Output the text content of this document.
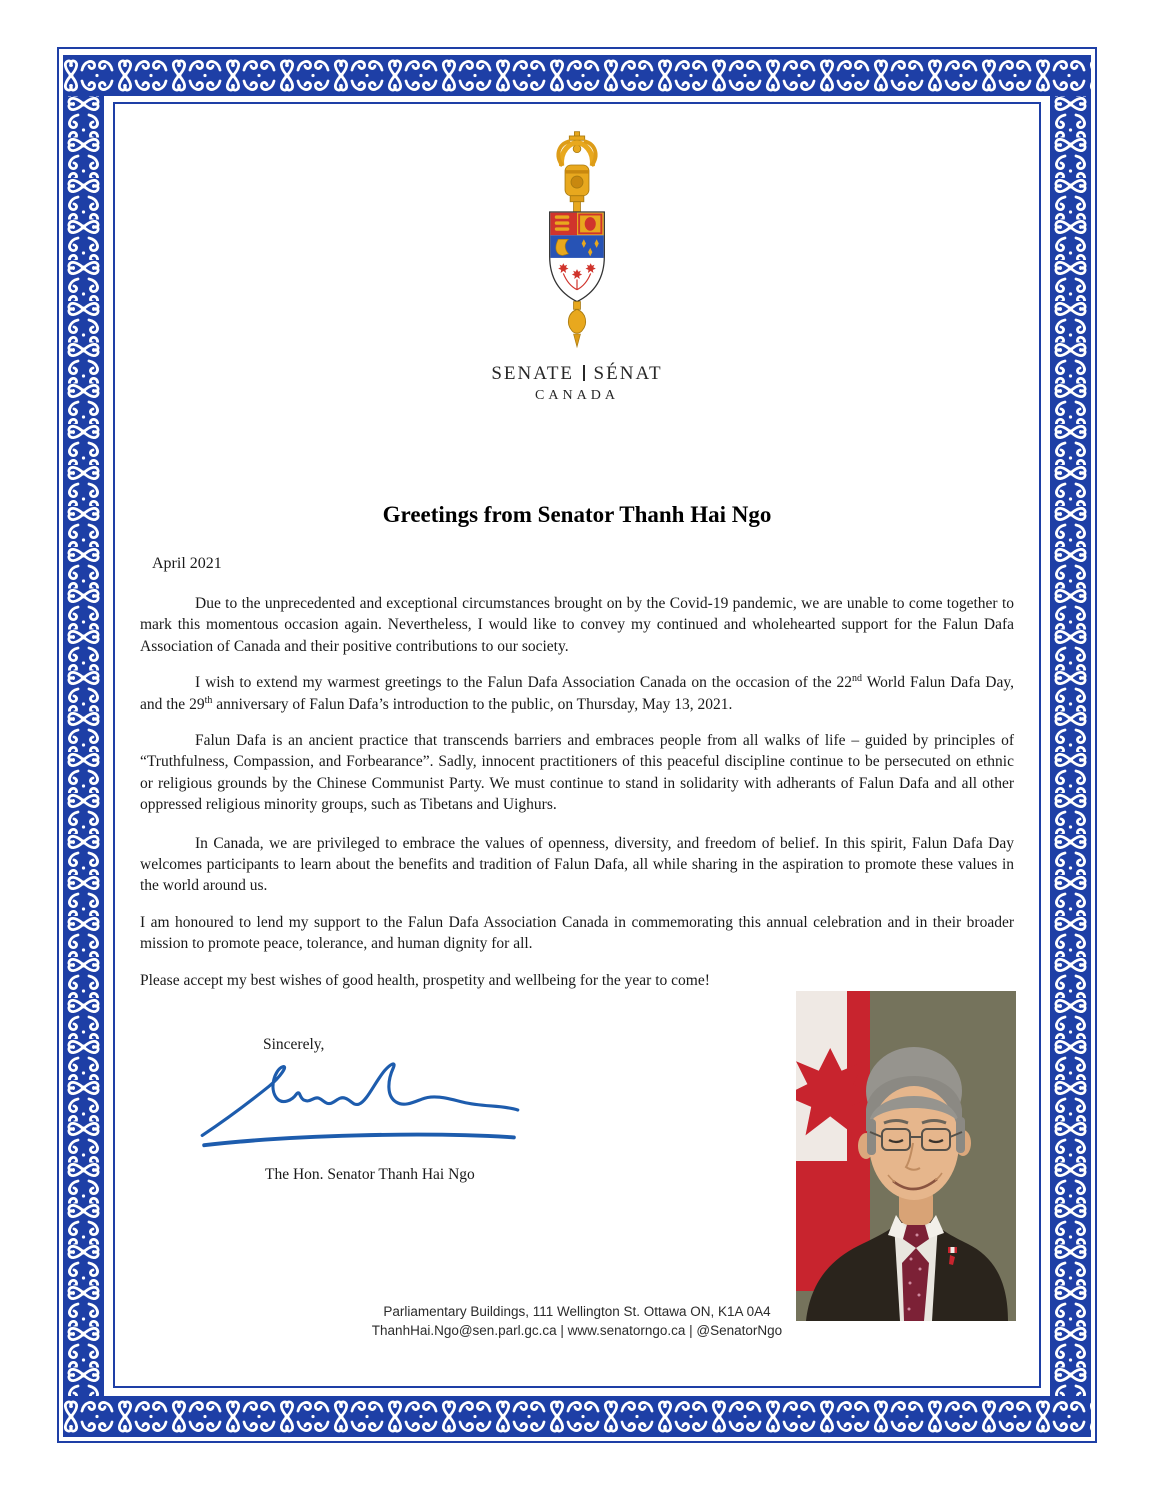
SENATE SÉNAT
CANADA
Greetings from Senator Thanh Hai Ngo
April 2021

Due to the unprecedented and exceptional circumstances brought on by the Covid-19 pandemic, we are unable to come together to mark this momentous occasion again. Nevertheless, I would like to convey my continued and wholehearted support for the Falun Dafa Association of Canada and their positive contributions to our society.

I wish to extend my warmest greetings to the Falun Dafa Association Canada on the occasion of the 22nd World Falun Dafa Day, and the 29th anniversary of Falun Dafa’s introduction to the public, on Thursday, May 13, 2021.

Falun Dafa is an ancient practice that transcends barriers and embraces people from all walks of life – guided by principles of “Truthfulness, Compassion, and Forbearance”. Sadly, innocent practitioners of this peaceful discipline continue to be persecuted on ethnic or religious grounds by the Chinese Communist Party. We must continue to stand in solidarity with adherants of Falun Dafa and all other oppressed religious minority groups, such as Tibetans and Uighurs.

In Canada, we are privileged to embrace the values of openness, diversity, and freedom of belief. In this spirit, Falun Dafa Day welcomes participants to learn about the benefits and tradition of Falun Dafa, all while sharing in the aspiration to promote these values in the world around us.

I am honoured to lend my support to the Falun Dafa Association Canada in commemorating this annual celebration and in their broader mission to promote peace, tolerance, and human dignity for all.

Please accept my best wishes of good health, prospetity and wellbeing for the year to come!

Sincerely,
The Hon. Senator Thanh Hai Ngo
Parliamentary Buildings, 111 Wellington St. Ottawa ON, K1A 0A4
ThanhHai.Ngo@sen.parl.gc.ca | www.senatorngo.ca | @SenatorNgo
